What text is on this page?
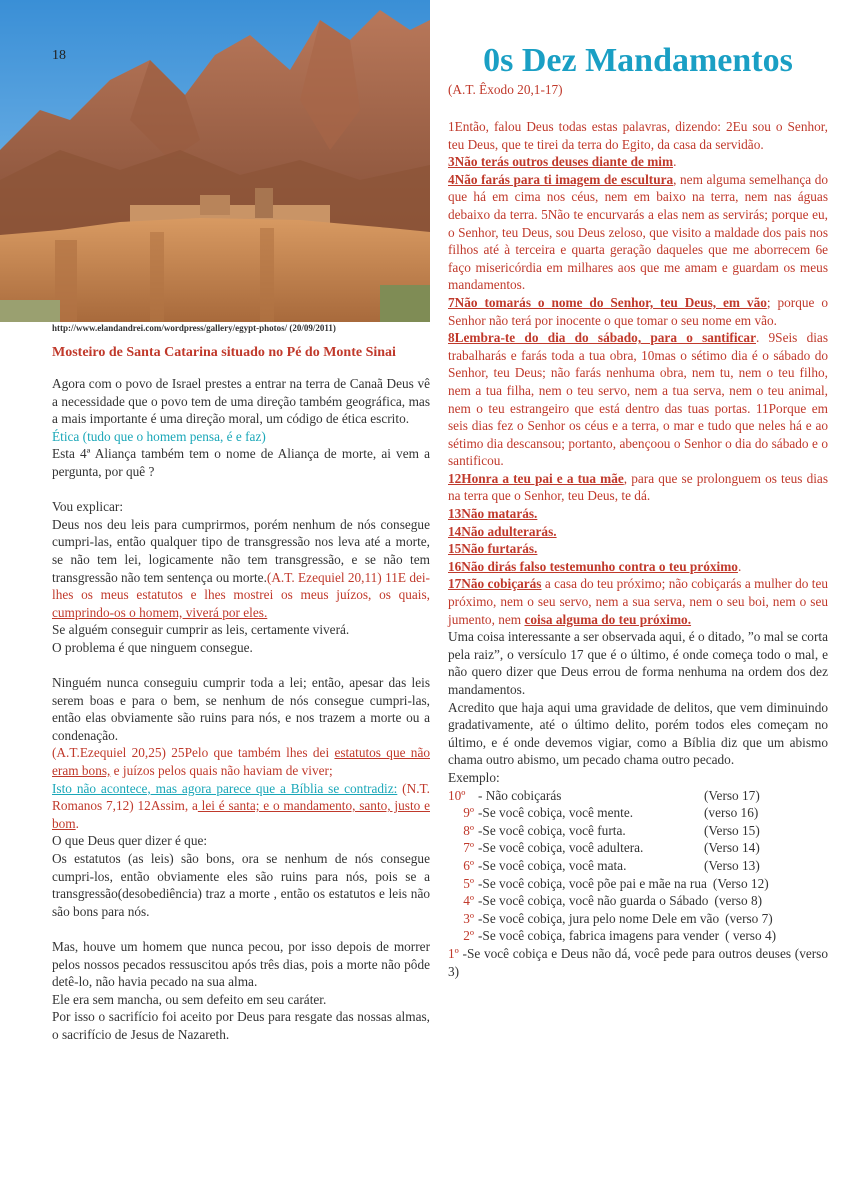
18
http://www.elandandrei.com/wordpress/gallery/egypt-photos/ (20/09/2011)
Mosteiro de Santa Catarina situado no Pé do Monte Sinai

Agora com o povo de Israel prestes a entrar na terra de Canaã Deus vê a necessidade que o povo tem de uma direção também geográfica, mas a mais importante é uma direção moral, um código de ética escrito.

Ética (tudo que o homem pensa, é e faz)

Esta 4ª Aliança também tem o nome de Aliança de morte, ai vem a pergunta, por quê ?

Vou explicar:

Deus nos deu leis para cumprirmos, porém nenhum de nós consegue cumpri-las, então qualquer tipo de transgressão nos leva até a morte, se não tem lei, logicamente não tem transgressão, e se não tem transgressão não tem sentença ou morte.(A.T. Ezequiel 20,11) 11E dei-lhes os meus estatutos e lhes mostrei os meus juízos, os quais, cumprindo-os o homem, viverá por eles.

Se alguém conseguir cumprir as leis, certamente viverá.

O problema é que ninguem consegue.

Ninguém nunca conseguiu cumprir toda a lei; então, apesar das leis serem boas e para o bem, se nenhum de nós consegue cumpri-las, então elas obviamente são ruins para nós, e nos trazem a morte ou a condenação.

(A.T.Ezequiel 20,25) 25Pelo que também lhes dei estatutos que não eram bons, e juízos pelos quais não haviam de viver;

Isto não acontece, mas agora parece que a Bíblia se contradiz: (N.T. Romanos 7,12) 12Assim, a lei é santa; e o mandamento, santo, justo e bom.

O que Deus quer dizer é que:

Os estatutos (as leis) são bons, ora se nenhum de nós consegue cumpri-los, então obviamente eles são ruins para nós, pois se a transgressão(desobediência) traz a morte , então os estatutos e leis não são bons para nós.

Mas, houve um homem que nunca pecou, por isso depois de morrer pelos nossos pecados ressuscitou após três dias, pois a morte não pôde detê-lo, não havia pecado na sua alma.

Ele era sem mancha, ou sem defeito em seu caráter.

Por isso o sacrifício foi aceito por Deus para resgate das nossas almas, o sacrifício de Jesus de Nazareth.

0s Dez Mandamentos
(A.T. Êxodo 20,1-17)

1Então, falou Deus todas estas palavras, dizendo: 2Eu sou o Senhor, teu Deus, que te tirei da terra do Egito, da casa da servidão.

3Não terás outros deuses diante de mim.

4Não farás para ti imagem de escultura, nem alguma semelhança do que há em cima nos céus, nem em baixo na terra, nem nas águas debaixo da terra. 5Não te encurvarás a elas nem as servirás; porque eu, o Senhor, teu Deus, sou Deus zeloso, que visito a maldade dos pais nos filhos até à terceira e quarta geração daqueles que me aborrecem 6e faço misericórdia em milhares aos que me amam e guardam os meus mandamentos.

7Não tomarás o nome do Senhor, teu Deus, em vão; porque o Senhor não terá por inocente o que tomar o seu nome em vão.

8Lembra-te do dia do sábado, para o santificar. 9Seis dias trabalharás e farás toda a tua obra, 10mas o sétimo dia é o sábado do Senhor, teu Deus; não farás nenhuma obra, nem tu, nem o teu filho, nem a tua filha, nem o teu servo, nem a tua serva, nem o teu animal, nem o teu estrangeiro que está dentro das tuas portas. 11Porque em seis dias fez o Senhor os céus e a terra, o mar e tudo que neles há e ao sétimo dia descansou; portanto, abençoou o Senhor o dia do sábado e o santificou.

12Honra a teu pai e a tua mãe, para que se prolonguem os teus dias na terra que o Senhor, teu Deus, te dá.

13Não matarás.

14Não adulterarás.

15Não furtarás.

16Não dirás falso testemunho contra o teu próximo.

17Não cobiçarás a casa do teu próximo; não cobiçarás a mulher do teu próximo, nem o seu servo, nem a sua serva, nem o seu boi, nem o seu jumento, nem coisa alguma do teu próximo.

Uma coisa interessante a ser observada aqui, é o ditado, ”o mal se corta pela raiz”, o versículo 17 que é o último, é onde começa todo o mal, e não quero dizer que Deus errou de forma nenhuma na ordem dos dez mandamentos.

Acredito que haja aqui uma gravidade de delitos, que vem diminuindo gradativamente, até o último delito, porém todos eles começam no último, e é onde devemos vigiar, como a Bíblia diz que um abismo chama outro abismo, um pecado chama outro pecado.

Exemplo:

10º - Não cobiçarás	(Verso 17)
9º -Se você cobiça, você mente.	(verso 16)
8º -Se você cobiça, você furta.	(Verso 15)
7º -Se você cobiça, você adultera.	(Verso 14)
6º -Se você cobiça, você mata.	(Verso 13)
5º -Se você cobiça, você põe pai e mãe na rua (Verso 12)
4º -Se você cobiça, você não guarda o Sábado (verso 8)
3º -Se você cobiça, jura pelo nome Dele em vão (verso 7)
2º -Se você cobiça, fabrica imagens para vender ( verso 4)

1º -Se você cobiça e Deus não dá, você pede para outros deuses (verso 3)
